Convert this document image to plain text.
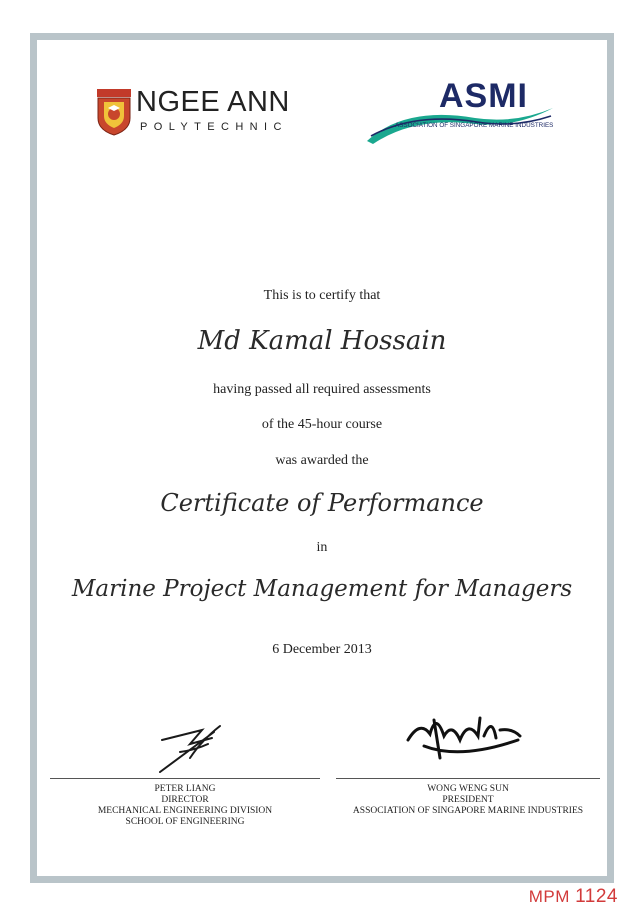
NGEE ANN
POLYTECHNIC
ASMI
ASSOCIATION OF SINGAPORE MARINE INDUSTRIES
This is to certify that
Md Kamal Hossain
having passed all required assessments
of the 45-hour course
was awarded the
Certificate of Performance
in
Marine Project Management for Managers
6 December 2013
PETER LIANG
DIRECTOR
MECHANICAL ENGINEERING DIVISION
SCHOOL OF ENGINEERING
WONG WENG SUN
PRESIDENT
ASSOCIATION OF SINGAPORE MARINE INDUSTRIES
MPM 1124
